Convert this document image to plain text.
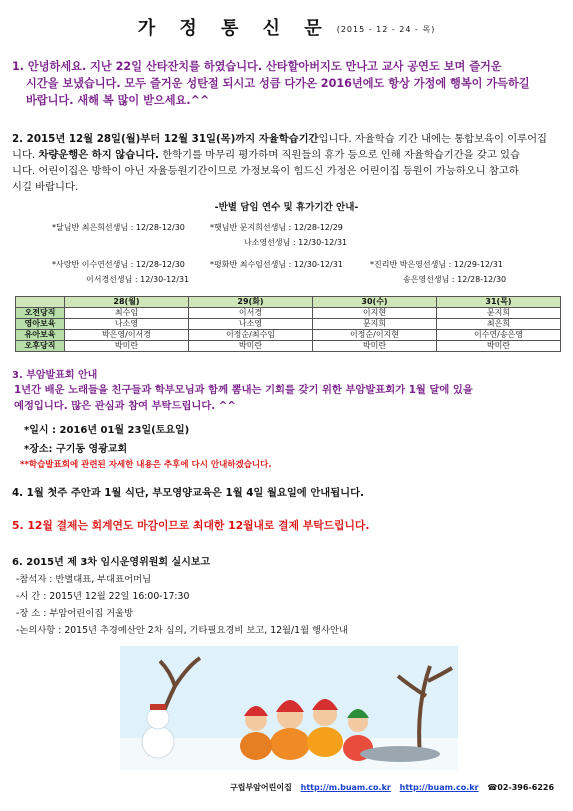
가 정 통 신 문 (2015 - 12 - 24 - 목)
1. 안녕하세요. 지난 22일 산타잔치를 하였습니다. 산타할아버지도 만나고 교사 공연도 보며 즐거운
시간을 보냈습니다. 모두 즐거운 성탄절 되시고 성큼 다가온 2016년에도 항상 가정에 행복이 가득하길
바랍니다. 새해 복 많이 받으세요.^^
2. 2015년 12월 28일(월)부터 12월 31일(목)까지 자율학습기간입니다. 자율학습 기간 내에는 통합보육이 이루어집
니다. 차량운행은 하지 않습니다. 한학기를 마무리 평가하며 직원들의 휴가 등으로 인해 자율학습기간을 갖고 있습
니다. 어린이집은 방학이 아닌 자율등원기간이므로 가정보육이 힘드신 가정은 어린이집 등원이 가능하오니 참고하
시길 바랍니다.
-반별 담임 연수 및 휴가기간 안내-
*달님반 최은희선생님 : 12/28-12/30	*햇님반 문지희선생님 : 12/28-12/29
나소영선생님 : 12/30-12/31
*사랑반 이수연선생님 : 12/28-12/30
이서경선생님 : 12/30-12/31
*평화반 최수임선생님 : 12/30-12/31	*진리반 박은영선생님 : 12/29-12/31
송은영선생님 : 12/28-12/30
	28(월)	29(화)	30(수)	31(목)
오전당직	최수임	이서경	이지현	문지희
영아보육	나소영	나소영	문지희	최은희
유아보육	박은영/이서경	이정순/최수임	이정순/이지현	이수연/송은영
오후당직	박미란	박미란	박미란	박미란
3. 부암발표회 안내
1년간 배운 노래들을 친구들과 학부모님과 함께 뽐내는 기회를 갖기 위한 부암발표회가 1월 달에 있을
예정입니다. 많은 관심과 참여 부탁드립니다. ^^
*일시 : 2016년 01월 23일(토요일)
*장소: 구기동 영광교회
**학습발표회에 관련된 자세한 내용은 추후에 다시 안내하겠습니다.
4. 1월 첫주 주안과 1월 식단, 부모영양교육은 1월 4일 월요일에 안내됩니다.
5. 12월 결제는 회계연도 마감이므로 최대한 12월내로 결제 부탁드립니다.
6. 2015년 제 3차 임시운영위원회 실시보고
-참석자 : 반별대표, 부대표어머님
-시 간 : 2015년 12월 22일 16:00-17:30
-장 소 : 부암어린이집 거울방
-논의사항 : 2015년 추경예산안 2차 심의, 기타필요경비 보고, 12월/1월 행사안내
구립부암어린이집 http://m.buam.co.kr http://buam.co.kr ☎02-396-6226
